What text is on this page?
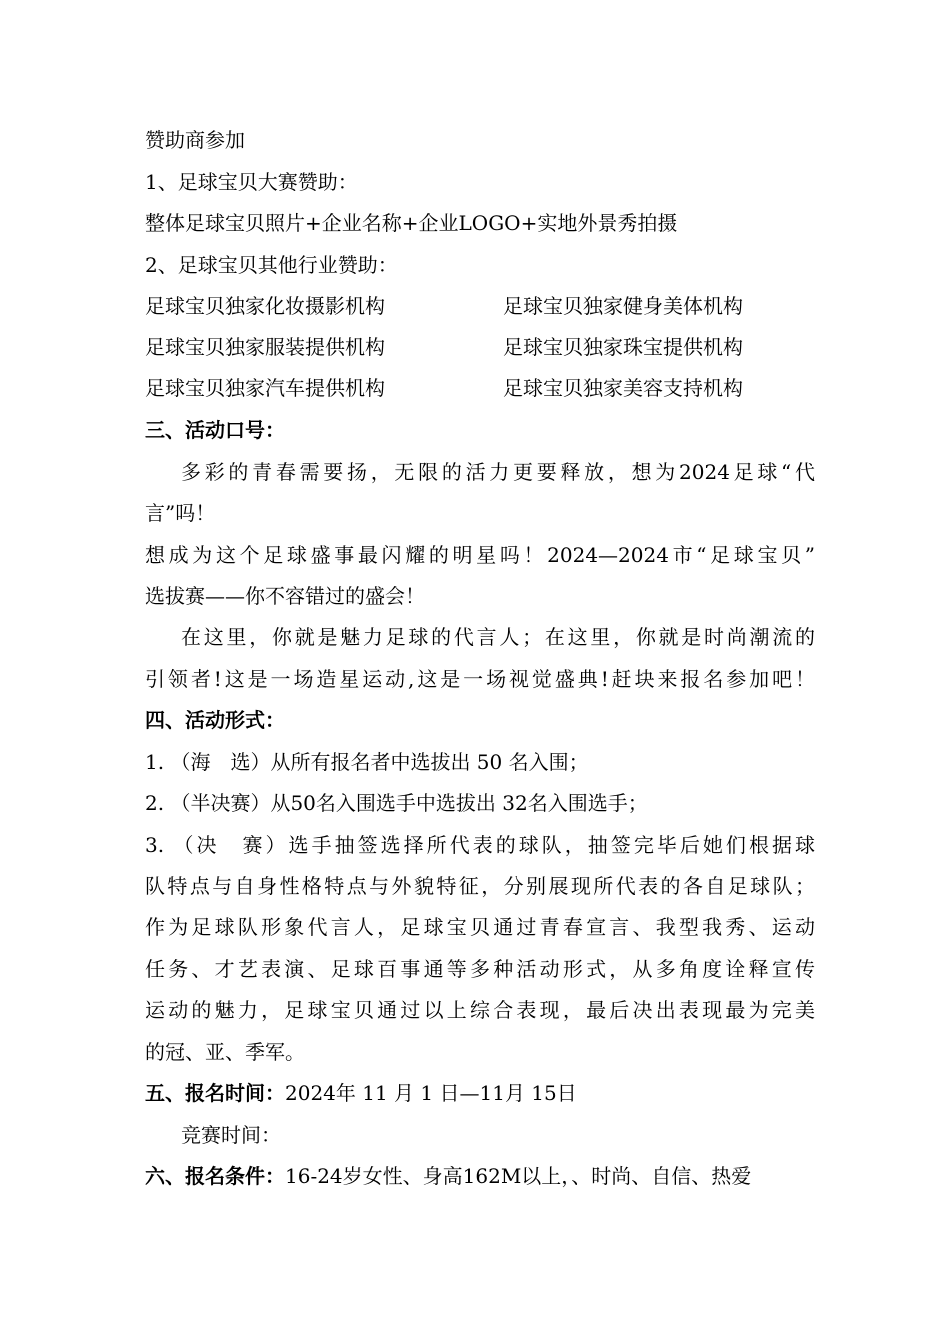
赞助商参加
1、足球宝贝大赛赞助：
整体足球宝贝照片+企业名称+企业LOGO+实地外景秀拍摄
2、足球宝贝其他行业赞助：
足球宝贝独家化妆摄影机构	足球宝贝独家健身美体机构
足球宝贝独家服装提供机构	足球宝贝独家珠宝提供机构
足球宝贝独家汽车提供机构	足球宝贝独家美容支持机构
三、活动口号：
多彩的青春需要扬，无限的活力更要释放，想为2024足球“代
言”吗！
想成为这个足球盛事最闪耀的明星吗！2024—2024市“足球宝贝”
选拔赛——你不容错过的盛会！
在这里，你就是魅力足球的代言人；在这里，你就是时尚潮流的
引领者!这是一场造星运动,这是一场视觉盛典!赶块来报名参加吧！
四、活动形式：
1. （海　选）从所有报名者中选拔出 50 名入围；
2. （半决赛）从50名入围选手中选拔出 32名入围选手；
3. （决　赛）选手抽签选择所代表的球队，抽签完毕后她们根据球
队特点与自身性格特点与外貌特征，分别展现所代表的各自足球队；
作为足球队形象代言人，足球宝贝通过青春宣言、我型我秀、运动
任务、才艺表演、足球百事通等多种活动形式，从多角度诠释宣传
运动的魅力，足球宝贝通过以上综合表现，最后决出表现最为完美
的冠、亚、季军。
五、报名时间：2024年 11 月 1 日—11月 15日
竞赛时间：
六、报名条件：16-24岁女性、身高162M以上，、时尚、自信、热爱
